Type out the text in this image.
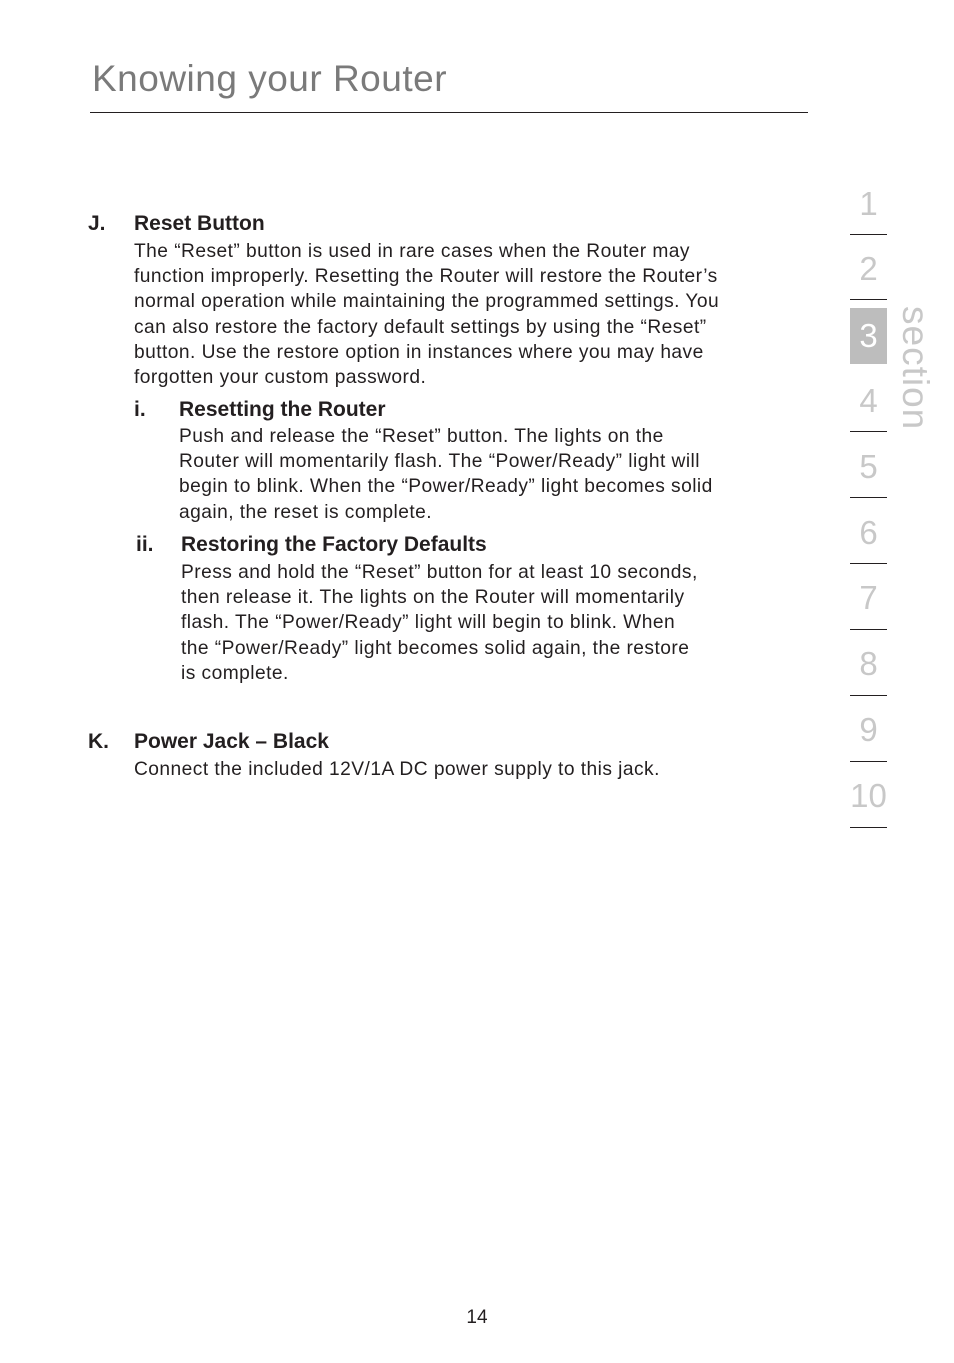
Knowing your Router
J. Reset Button

The “Reset” button is used in rare cases when the Router may

function improperly. Resetting the Router will restore the Router’s

normal operation while maintaining the programmed settings. You

can also restore the factory default settings by using the “Reset”

button. Use the restore option in instances where you may have

forgotten your custom password.

i. Resetting the Router

Push and release the “Reset” button. The lights on the

Router will momentarily flash. The “Power/Ready” light will

begin to blink. When the “Power/Ready” light becomes solid

again, the reset is complete.

ii. Restoring the Factory Defaults

Press and hold the “Reset” button for at least 10 seconds,

then release it. The lights on the Router will momentarily

flash. The “Power/Ready” light will begin to blink. When

the “Power/Ready” light becomes solid again, the restore

is complete.

K. Power Jack – Black

Connect the included 12V/1A DC power supply to this jack.

1
2
3
4
5
6
7
8
9
10
section
14
